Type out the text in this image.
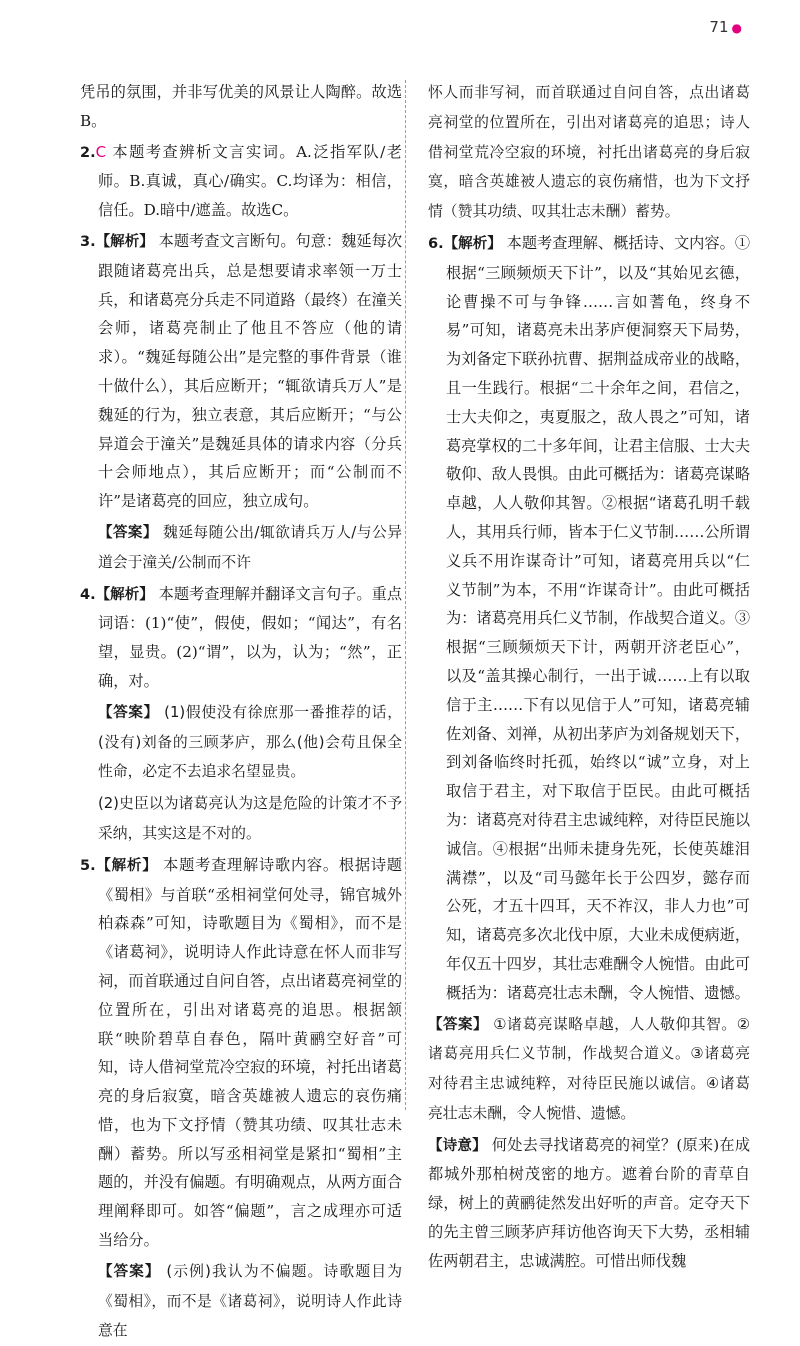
71 ●

凭吊的氛围，并非写优美的风景让人陶醉。故选B。

2.C 本题考查辨析文言实词。A.泛指军队/老师。B.真诚，真心/确实。C.均译为：相信，信任。D.暗中/遮盖。故选C。

3.【解析】 本题考查文言断句。句意：魏延每次跟随诸葛亮出兵，总是想要请求率领一万士兵，和诸葛亮分兵走不同道路（最终）在潼关会师，诸葛亮制止了他且不答应（他的请求）。“魏延每随公出”是完整的事件背景（谁十做什么），其后应断开；“辄欲请兵万人”是魏延的行为，独立表意，其后应断开；“与公异道会于潼关”是魏延具体的请求内容（分兵十会师地点），其后应断开；而“公制而不许”是诸葛亮的回应，独立成句。

【答案】 魏延每随公出/辄欲请兵万人/与公异道会于潼关/公制而不许

4.【解析】 本题考查理解并翻译文言句子。重点词语：(1)“使”，假使，假如；“闻达”，有名望，显贵。(2)“谓”，以为，认为；“然”，正确，对。

【答案】 (1)假使没有徐庶那一番推荐的话，(没有)刘备的三顾茅庐，那么(他)会苟且保全性命，必定不去追求名望显贵。

(2)史臣以为诸葛亮认为这是危险的计策才不予采纳，其实这是不对的。

5.【解析】 本题考查理解诗歌内容。根据诗题《蜀相》与首联“丞相祠堂何处寻，锦官城外柏森森”可知，诗歌题目为《蜀相》，而不是《诸葛祠》，说明诗人作此诗意在怀人而非写祠，而首联通过自问自答，点出诸葛亮祠堂的位置所在，引出对诸葛亮的追思。根据颔联“映阶碧草自春色，隔叶黄鹂空好音”可知，诗人借祠堂荒冷空寂的环境，衬托出诸葛亮的身后寂寞，暗含英雄被人遗忘的哀伤痛惜，也为下文抒情（赞其功绩、叹其壮志未酬）蓄势。所以写丞相祠堂是紧扣“蜀相”主题的，并没有偏题。有明确观点，从两方面合理阐释即可。如答“偏题”，言之成理亦可适当给分。

【答案】 (示例)我认为不偏题。诗歌题目为《蜀相》，而不是《诸葛祠》，说明诗人作此诗意在

怀人而非写祠，而首联通过自问自答，点出诸葛亮祠堂的位置所在，引出对诸葛亮的追思；诗人借祠堂荒冷空寂的环境，衬托出诸葛亮的身后寂寞，暗含英雄被人遗忘的哀伤痛惜，也为下文抒情（赞其功绩、叹其壮志未酬）蓄势。

6.【解析】 本题考查理解、概括诗、文内容。①根据“三顾频烦天下计”，以及“其始见玄德，论曹操不可与争锋……言如蓍龟，终身不易”可知，诸葛亮未出茅庐便洞察天下局势，为刘备定下联孙抗曹、据荆益成帝业的战略，且一生践行。根据“二十余年之间，君信之，士大夫仰之，夷夏服之，敌人畏之”可知，诸葛亮掌权的二十多年间，让君主信服、士大夫敬仰、敌人畏惧。由此可概括为：诸葛亮谋略卓越，人人敬仰其智。②根据“诸葛孔明千载人，其用兵行师，皆本于仁义节制……公所谓义兵不用诈谋奇计”可知，诸葛亮用兵以“仁义节制”为本，不用“诈谋奇计”。由此可概括为：诸葛亮用兵仁义节制，作战契合道义。③根据“三顾频烦天下计，两朝开济老臣心”，以及“盖其操心制行，一出于诚……上有以取信于主……下有以见信于人”可知，诸葛亮辅佐刘备、刘禅，从初出茅庐为刘备规划天下，到刘备临终时托孤，始终以“诚”立身，对上取信于君主，对下取信于臣民。由此可概括为：诸葛亮对待君主忠诚纯粹，对待臣民施以诚信。④根据“出师未捷身先死，长使英雄泪满襟”，以及“司马懿年长于公四岁，懿存而公死，才五十四耳，天不祚汉，非人力也”可知，诸葛亮多次北伐中原，大业未成便病逝，年仅五十四岁，其壮志难酬令人惋惜。由此可概括为：诸葛亮壮志未酬，令人惋惜、遗憾。

【答案】 ①诸葛亮谋略卓越，人人敬仰其智。②诸葛亮用兵仁义节制，作战契合道义。③诸葛亮对待君主忠诚纯粹，对待臣民施以诚信。④诸葛亮壮志未酬，令人惋惜、遗憾。

【诗意】 何处去寻找诸葛亮的祠堂？(原来)在成都城外那柏树茂密的地方。遮着台阶的青草自绿，树上的黄鹂徒然发出好听的声音。定夺天下的先主曾三顾茅庐拜访他咨询天下大势，丞相辅佐两朝君主，忠诚满腔。可惜出师伐魏
